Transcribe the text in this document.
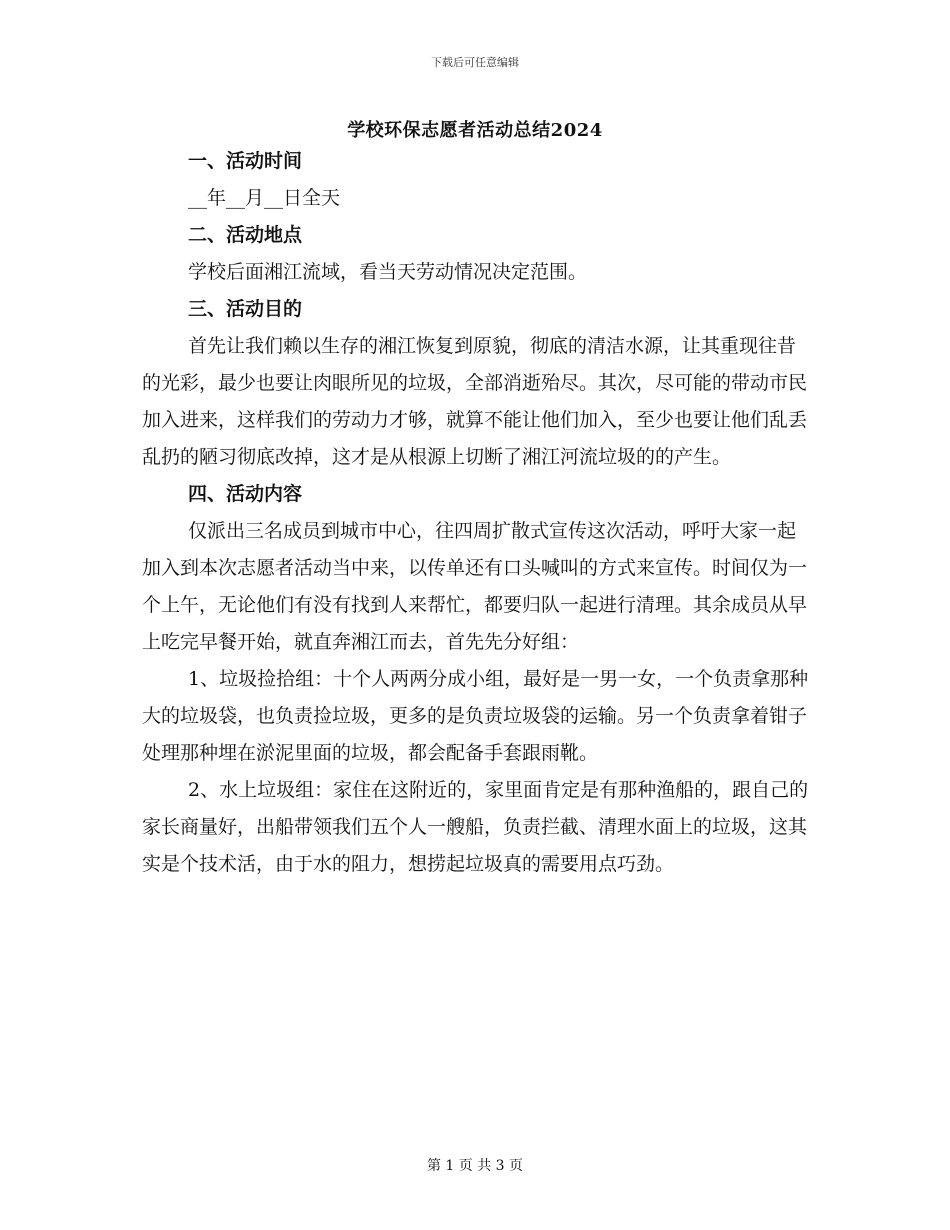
下载后可任意编辑
学校环保志愿者活动总结2024

一、活动时间

__年__月__日全天

二、活动地点

学校后面湘江流域，看当天劳动情况决定范围。

三、活动目的

首先让我们赖以生存的湘江恢复到原貌，彻底的清洁水源，让其重现往昔的光彩，最少也要让肉眼所见的垃圾，全部消逝殆尽。其次，尽可能的带动市民加入进来，这样我们的劳动力才够，就算不能让他们加入，至少也要让他们乱丢乱扔的陋习彻底改掉，这才是从根源上切断了湘江河流垃圾的的产生。

四、活动内容

仅派出三名成员到城市中心，往四周扩散式宣传这次活动，呼吁大家一起加入到本次志愿者活动当中来，以传单还有口头喊叫的方式来宣传。时间仅为一个上午，无论他们有没有找到人来帮忙，都要归队一起进行清理。其余成员从早上吃完早餐开始，就直奔湘江而去，首先先分好组：

1、垃圾捡拾组：十个人两两分成小组，最好是一男一女，一个负责拿那种大的垃圾袋，也负责捡垃圾，更多的是负责垃圾袋的运输。另一个负责拿着钳子处理那种埋在淤泥里面的垃圾，都会配备手套跟雨靴。

2、水上垃圾组：家住在这附近的，家里面肯定是有那种渔船的，跟自己的家长商量好，出船带领我们五个人一艘船，负责拦截、清理水面上的垃圾，这其实是个技术活，由于水的阻力，想捞起垃圾真的需要用点巧劲。

第 1 页 共 3 页
